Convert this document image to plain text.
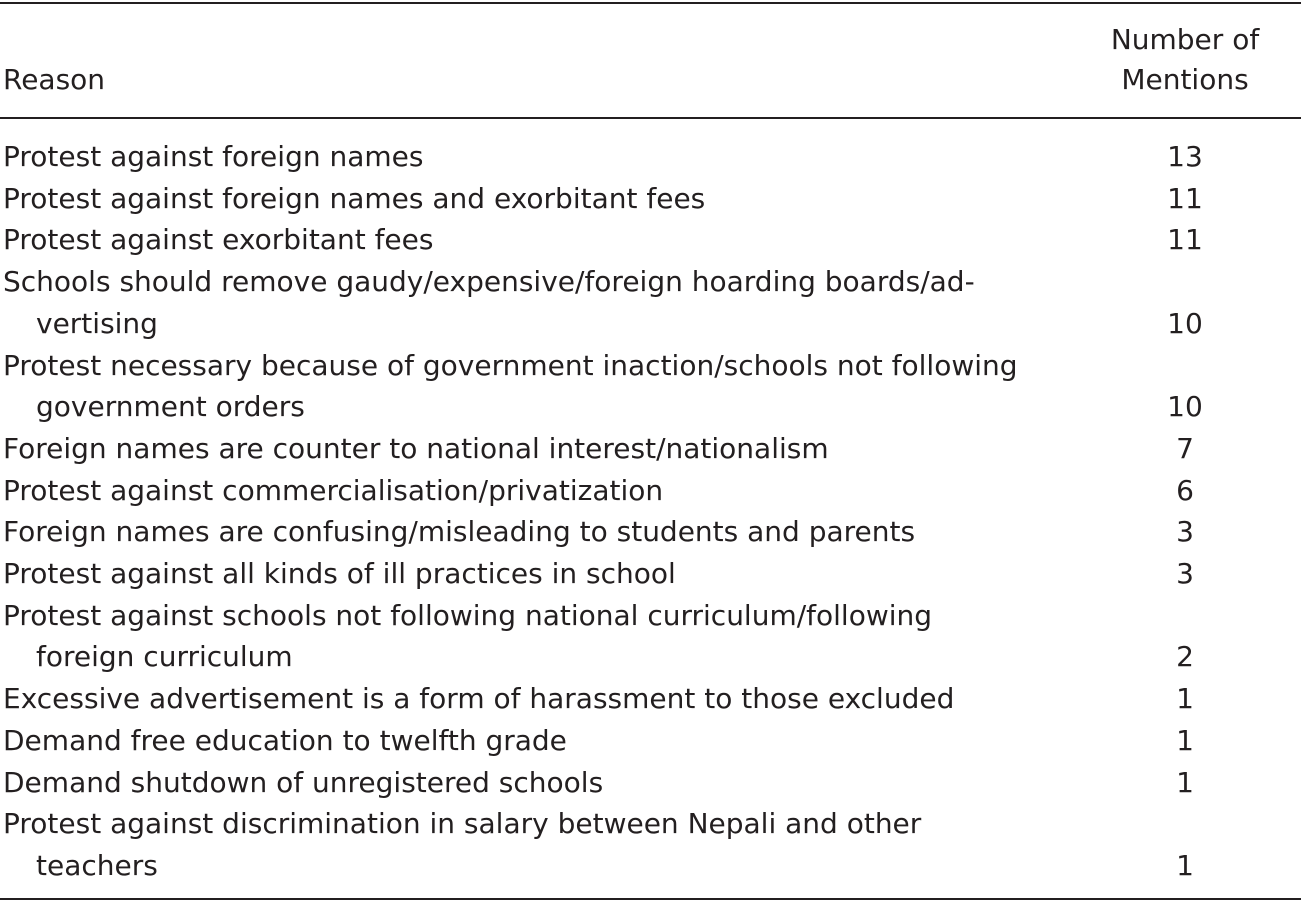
Reason
Number of
Mentions
Protest against foreign names	13
Protest against foreign names and exorbitant fees	11
Protest against exorbitant fees	11
Schools should remove gaudy/expensive/foreign hoarding boards/ad-
vertising	10
Protest necessary because of government inaction/schools not following
government orders	10
Foreign names are counter to national interest/nationalism	7
Protest against commercialisation/privatization	6
Foreign names are confusing/misleading to students and parents	3
Protest against all kinds of ill practices in school	3
Protest against schools not following national curriculum/following
foreign curriculum	2
Excessive advertisement is a form of harassment to those excluded	1
Demand free education to twelfth grade	1
Demand shutdown of unregistered schools	1
Protest against discrimination in salary between Nepali and other
teachers	1
